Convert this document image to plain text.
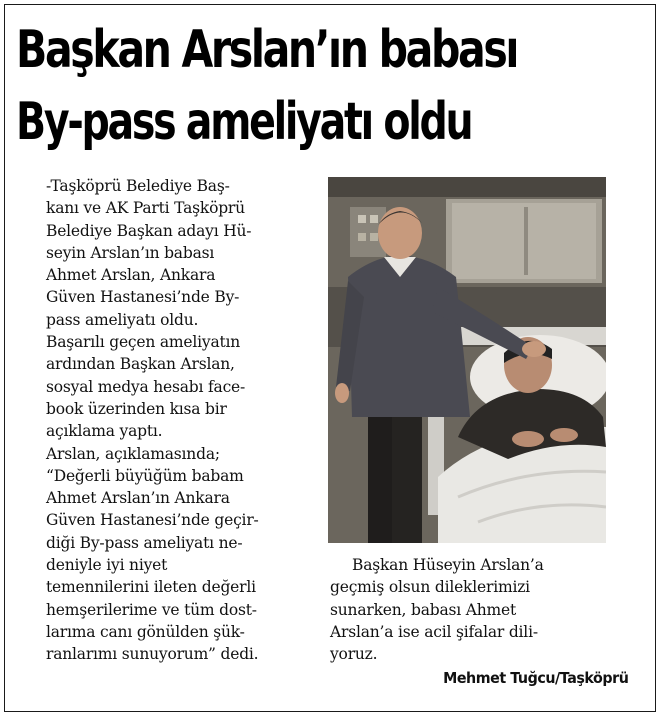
Başkan Arslan’ın babası
By-pass ameliyatı oldu

-Taşköprü Belediye Baş-
kanı ve AK Parti Taşköprü
Belediye Başkan adayı Hü-
seyin Arslan’ın babası
Ahmet Arslan, Ankara
Güven Hastanesi’nde By-
pass ameliyatı oldu.

Başarılı geçen ameliyatın
ardından Başkan Arslan,
sosyal medya hesabı face-
book üzerinden kısa bir
açıklama yaptı.

Arslan, açıklamasında;
“Değerli büyüğüm babam
Ahmet Arslan’ın Ankara
Güven Hastanesi’nde geçir-
diği By-pass ameliyatı ne-
deniyle iyi niyet
temennilerini ileten değerli
hemşerilerime ve tüm dost-
larıma canı gönülden şük-
ranlarımı sunuyorum” dedi.

Başkan Hüseyin Arslan’a
geçmiş olsun dileklerimizi
sunarken, babası Ahmet
Arslan’a ise acil şifalar dili-
yoruz.
Mehmet Tuğcu/Taşköprü
